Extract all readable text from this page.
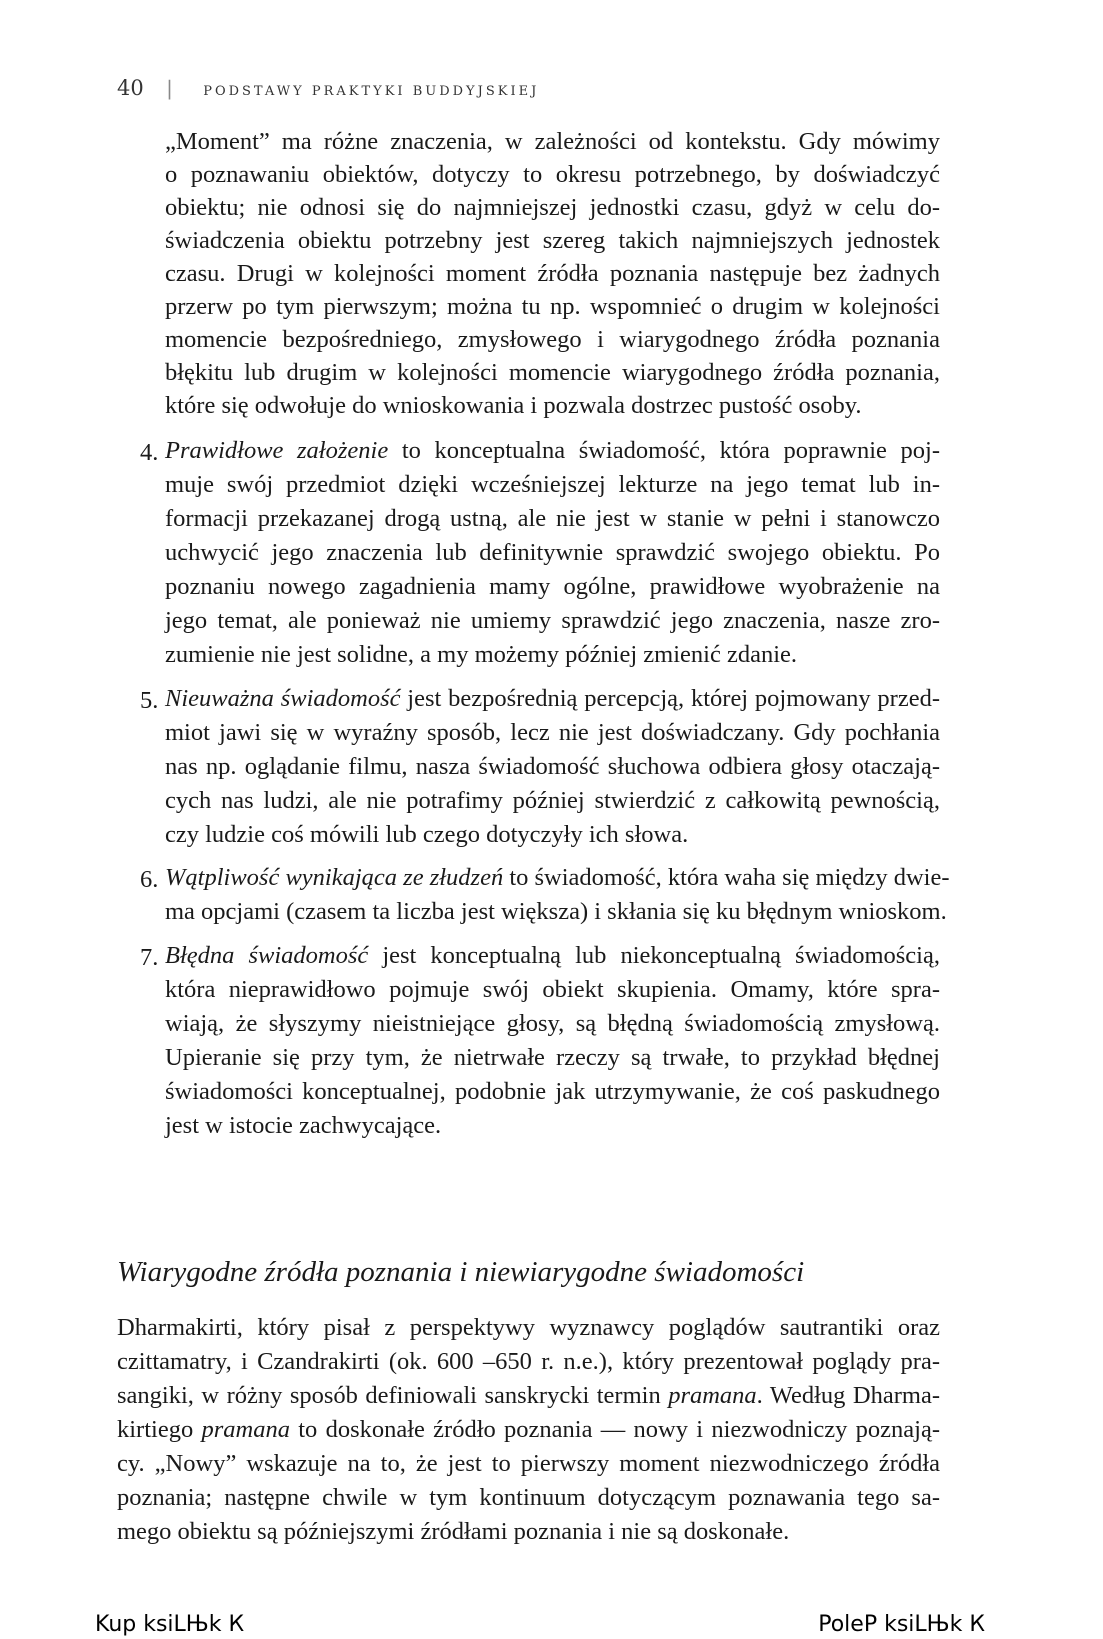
40 | PODSTAWY PRAKTYKI BUDDYJSKIEJ
„Moment” ma różne znaczenia, w zależności od kontekstu. Gdy mówimy
o poznawaniu obiektów, dotyczy to okresu potrzebnego, by doświadczyć
obiektu; nie odnosi się do najmniejszej jednostki czasu, gdyż w celu do-
świadczenia obiektu potrzebny jest szereg takich najmniejszych jednostek
czasu. Drugi w kolejności moment źródła poznania następuje bez żadnych
przerw po tym pierwszym; można tu np. wspomnieć o drugim w kolejności
momencie bezpośredniego, zmysłowego i wiarygodnego źródła poznania
błękitu lub drugim w kolejności momencie wiarygodnego źródła poznania,
które się odwołuje do wnioskowania i pozwala dostrzec pustość osoby.
4. Prawidłowe założenie to konceptualna świadomość, która poprawnie poj-
muje swój przedmiot dzięki wcześniejszej lekturze na jego temat lub in-
formacji przekazanej drogą ustną, ale nie jest w stanie w pełni i stanowczo
uchwycić jego znaczenia lub definitywnie sprawdzić swojego obiektu. Po
poznaniu nowego zagadnienia mamy ogólne, prawidłowe wyobrażenie na
jego temat, ale ponieważ nie umiemy sprawdzić jego znaczenia, nasze zro-
zumienie nie jest solidne, a my możemy później zmienić zdanie.
5. Nieuważna świadomość jest bezpośrednią percepcją, której pojmowany przed-
miot jawi się w wyraźny sposób, lecz nie jest doświadczany. Gdy pochłania
nas np. oglądanie filmu, nasza świadomość słuchowa odbiera głosy otaczają-
cych nas ludzi, ale nie potrafimy później stwierdzić z całkowitą pewnością,
czy ludzie coś mówili lub czego dotyczyły ich słowa.
6. Wątpliwość wynikająca ze złudzeń to świadomość, która waha się między dwie-
ma opcjami (czasem ta liczba jest większa) i skłania się ku błędnym wnioskom.
7. Błędna świadomość jest konceptualną lub niekonceptualną świadomością,
która nieprawidłowo pojmuje swój obiekt skupienia. Omamy, które spra-
wiają, że słyszymy nieistniejące głosy, są błędną świadomością zmysłową.
Upieranie się przy tym, że nietrwałe rzeczy są trwałe, to przykład błędnej
świadomości konceptualnej, podobnie jak utrzymywanie, że coś paskudnego
jest w istocie zachwycające.
Wiarygodne źródła poznania i niewiarygodne świadomości
Dharmakirti, który pisał z perspektywy wyznawcy poglądów sautrantiki oraz
czittamatry, i Czandrakirti (ok. 600 –650 r. n.e.), który prezentował poglądy pra-
sangiki, w różny sposób definiowali sanskrycki termin pramana. Według Dharma-
kirtiego pramana to doskonałe źródło poznania — nowy i niezwodniczy poznają-
cy. „Nowy” wskazuje na to, że jest to pierwszy moment niezwodniczego źródła
poznania; następne chwile w tym kontinuum dotyczącym poznawania tego sa-
mego obiektu są późniejszymi źródłami poznania i nie są doskonałe.
Kup ksiLЊk К	PoleP ksiLЊk К
